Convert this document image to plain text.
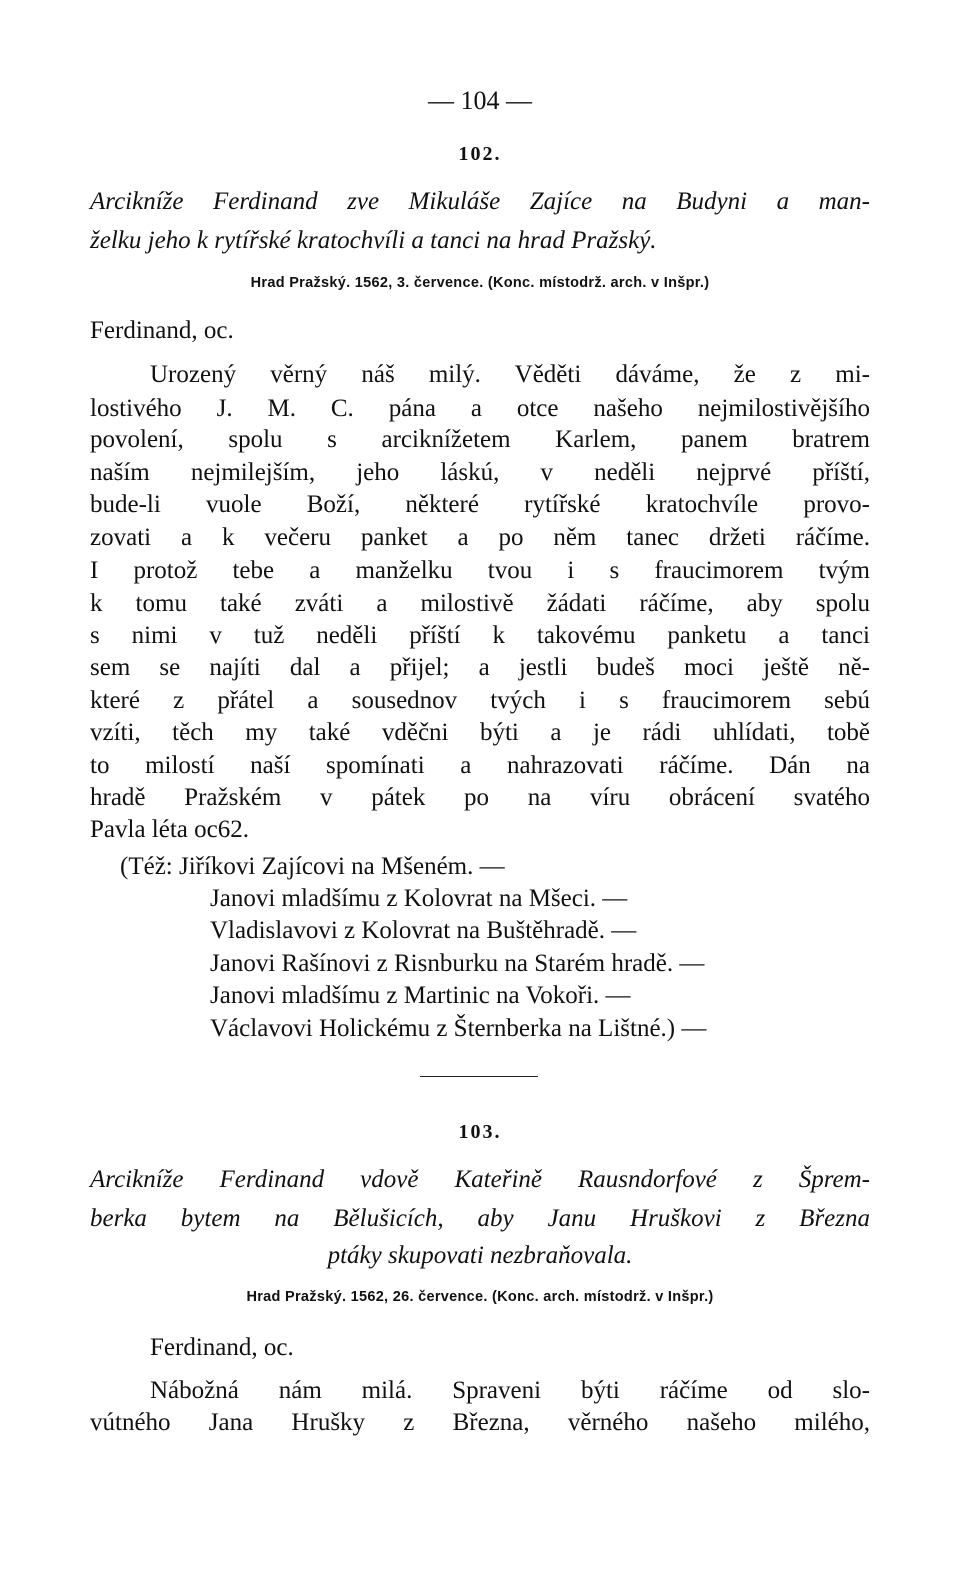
— 104 —
102.
Arcikníže Ferdinand zve Mikuláše Zajíce na Budyni a man-
želku jeho k rytířské kratochvíli a tanci na hrad Pražský.
Hrad Pražský. 1562, 3. července. (Konc. místodrž. arch. v Inšpr.)
Ferdinand, oc.
Urozený věrný náš milý. Věděti dáváme, že z mi-
lostivého J. M. C. pána a otce našeho nejmilostivějšího
povolení, spolu s arciknížetem Karlem, panem bratrem
naším nejmilejším, jeho láskú, v neděli nejprvé příští,
bude-li vuole Boží, některé rytířské kratochvíle provo-
zovati a k večeru panket a po něm tanec držeti ráčíme.
I protož tebe a manželku tvou i s fraucimorem tvým
k tomu také zváti a milostivě žádati ráčíme, aby spolu
s nimi v tuž neděli příští k takovému panketu a tanci
sem se najíti dal a přijel; a jestli budeš moci ještě ně-
které z přátel a sousednov tvých i s fraucimorem sebú
vzíti, těch my také vděčni býti a je rádi uhlídati, tobě
to milostí naší spomínati a nahrazovati ráčíme. Dán na
hradě Pražském v pátek po na víru obrácení svatého
Pavla léta oc62.
(Též: Jiříkovi Zajícovi na Mšeném. —
Janovi mladšímu z Kolovrat na Mšeci. —
Vladislavovi z Kolovrat na Buštěhradě. —
Janovi Rašínovi z Risnburku na Starém hradě. —
Janovi mladšímu z Martinic na Vokoři. —
Václavovi Holickému z Šternberka na Lištné.) —
103.
Arcikníže Ferdinand vdově Kateřině Rausndorfové z Šprem-
berka bytem na Bělušicích, aby Janu Hruškovi z Března
ptáky skupovati nezbraňovala.
Hrad Pražský. 1562, 26. července. (Konc. arch. místodrž. v Inšpr.)
Ferdinand, oc.
Nábožná nám milá. Spraveni býti ráčíme od slo-
vútného Jana Hrušky z Března, věrného našeho milého,
